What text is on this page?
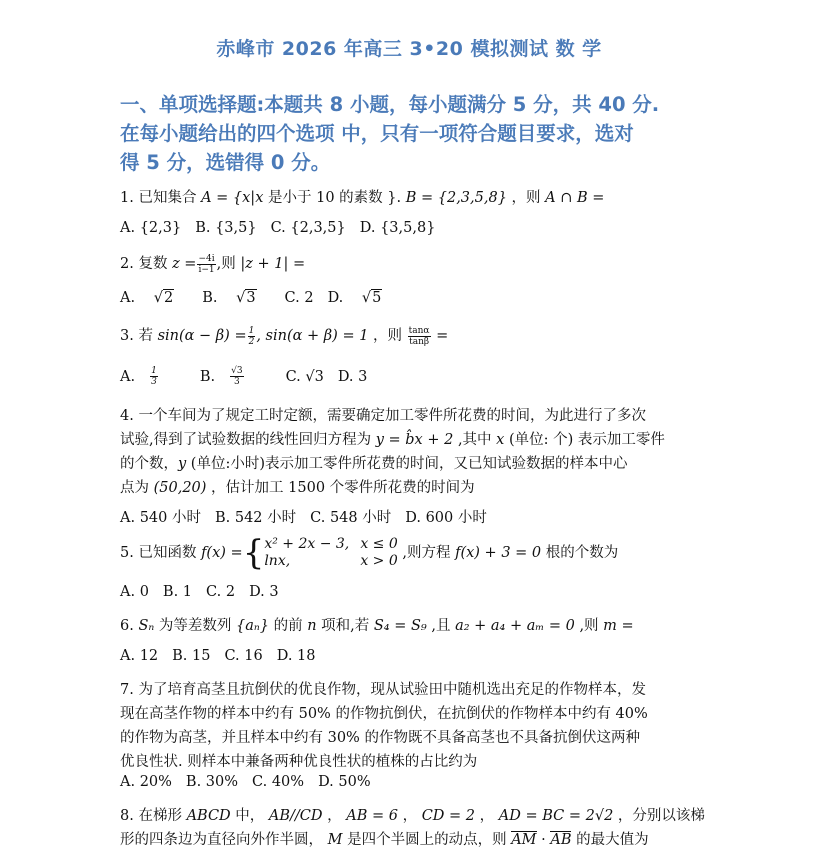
赤峰市 2026 年高三 3•20 模拟测试 数 学
一、单项选择题:本题共 8 小题，每小题满分 5 分，共 40 分.
在每小题给出的四个选项 中，只有一项符合题目要求，选对
得 5 分，选错得 0 分。
1. 已知集合 A = {x|x 是小于 10 的素数 }. B = {2,3,5,8} ，则 A ∩ B =
A. {2,3} B. {3,5} C. {2,3,5} D. {3,5,8}
2. 复数 $z = \frac{-4i}{i-1}$ ,则 |z + 1| =
A. √2 B. √3 C. 2 D. √5
3. 若 $\sin(\alpha - \beta) = \frac{1}{2}$ , sin(α + β) = 1 ，则 $\frac{\tan\alpha}{\tan\beta}$ =
A. $\frac{1}{3} B$. $\frac{√3}{3} C$. √3 D. 3
4. 一个车间为了规定工时定额，需要确定加工零件所花费的时间，为此进行了多次
试验,得到了试验数据的线性回归方程为 y = b̂x + 2 ,其中 x (单位: 个) 表示加工零件
的个数，y (单位:小时)表示加工零件所花费的时间，又已知试验数据的样本中心
点为 (50,20) ，估计加工 1500 个零件所花费的时间为
A. 540 小时 B. 542 小时 C. 548 小时 D. 600 小时
5. 已知函数 f(x) ={ x² + 2x − 3, x ≤ 0
lnx,	x > 0 ,则方程 f(x) + 3 = 0 根的个数为
A. 0 B. 1 C. 2 D. 3
6. Sₙ 为等差数列 {aₙ} 的前 n 项和,若 S₄ = S₉ ,且 a₂ + a₄ + aₘ = 0 ,则 m =
A. 12 B. 15 C. 16 D. 18
7. 为了培育高茎且抗倒伏的优良作物，现从试验田中随机选出充足的作物样本，发
现在高茎作物的样本中约有 50% 的作物抗倒伏，在抗倒伏的作物样本中约有 40%
的作物为高茎，并且样本中约有 30% 的作物既不具备高茎也不具备抗倒伏这两种
优良性状. 则样本中兼备两种优良性状的植株的占比约为
A. 20% B. 30% C. 40% D. 50%
8. 在梯形 ABCD 中， AB//CD ， AB = 6 ， CD = 2 ， AD = BC = 2√2 ，分别以该梯
形的四条边为直径向外作半圆， M 是四个半圆上的动点，则 AM · AB 的最大值为
